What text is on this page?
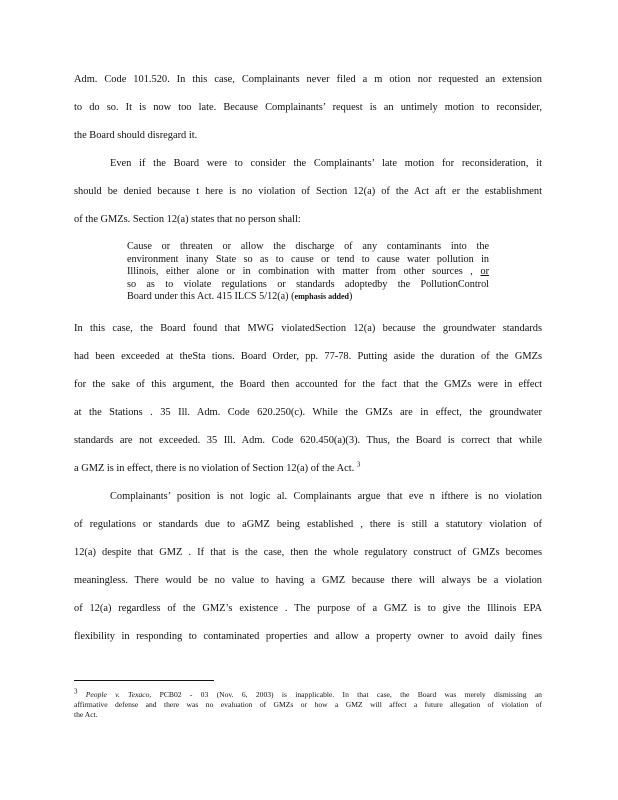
Adm. Code 101.520. In this case, Complainants never filed a m otion nor requested an extension
to do so. It is now too late. Because Complainants’ request is an untimely motion to reconsider,
the Board should disregard it.
Even if the Board were to consider the Complainants’ late motion for reconsideration, it
should be denied because t here is no violation of Section 12(a) of the Act aft er the establishment
of the GMZs. Section 12(a) states that no person shall:
Cause or threaten or allow the discharge of any contaminants into the
environment inany State so as to cause or tend to cause water pollution in
Illinois, either alone or in combination with matter from other sources , or
so as to violate regulations or standards adoptedby the PollutionControl
Board under this Act. 415 ILCS 5/12(a) (emphasis added)
In this case, the Board found that MWG violatedSection 12(a) because the groundwater standards
had been exceeded at theSta tions. Board Order, pp. 77-78. Putting aside the duration of the GMZs
for the sake of this argument, the Board then accounted for the fact that the GMZs were in effect
at the Stations . 35 Ill. Adm. Code 620.250(c). While the GMZs are in effect, the groundwater
standards are not exceeded. 35 Ill. Adm. Code 620.450(a)(3). Thus, the Board is correct that while
a GMZ is in effect, there is no violation of Section 12(a) of the Act. $^3$
Complainants’ position is not logic al. Complainants argue that eve n ifthere is no violation
of regulations or standards due to aGMZ being established , there is still a statutory violation of
12(a) despite that GMZ . If that is the case, then the whole regulatory construct of GMZs becomes
meaningless. There would be no value to having a GMZ because there will always be a violation
of 12(a) regardless of the GMZ’s existence . The purpose of a GMZ is to give the Illinois EPA
flexibility in responding to contaminated properties and allow a property owner to avoid daily fines
$^3$ People v. Texaco, PCB02 - 03 (Nov. 6, 2003) is inapplicable. In that case, the Board was merely dismissing an
affirmative defense and there was no evaluation of GMZs or how a GMZ will affect a future allegation of violation of
the Act.
